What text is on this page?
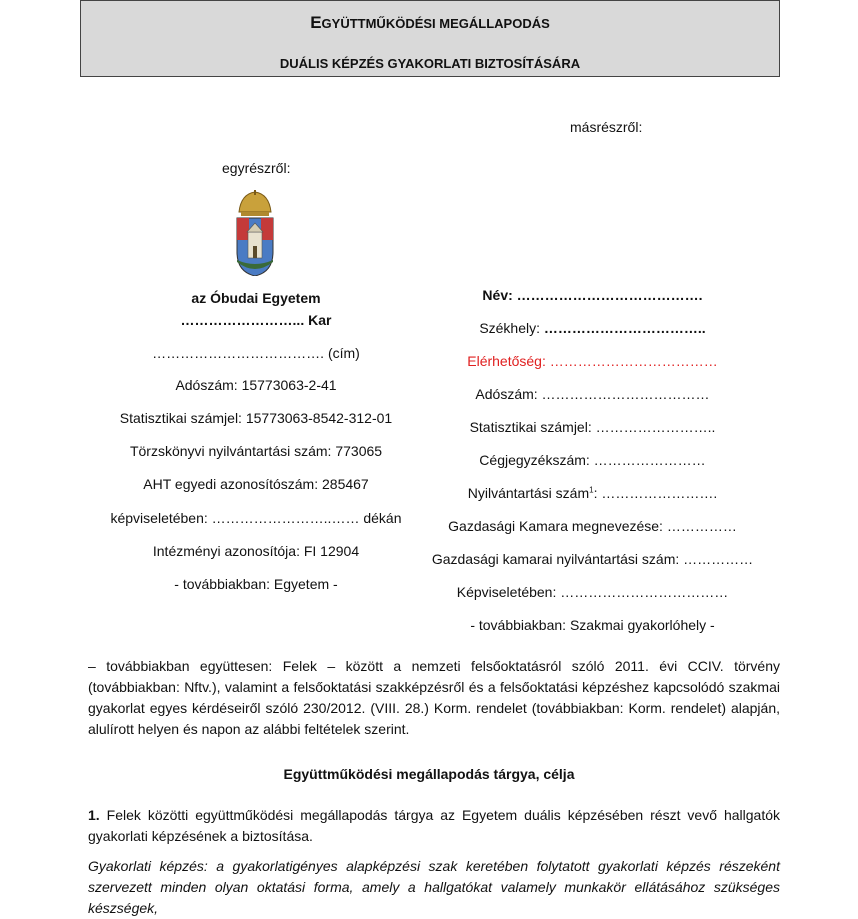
EGYÜTTMŰKÖDÉSI MEGÁLLAPODÁS
DUÁLIS KÉPZÉS GYAKORLATI BIZTOSÍTÁSÁRA
másrészről:
egyrészről:
az Óbudai Egyetem
……………………... Kar
………………………………. (cím)
Adószám: 15773063-2-41
Statisztikai számjel: 15773063-8542-312-01
Törzskönyvi nyilvántartási szám: 773065
AHT egyedi azonosítószám: 285467
képviseletében: ……………………..…… dékán
Intézményi azonosítója: FI 12904
- továbbiakban: Egyetem -
Név: ………………………………….
Székhely: ……………………………..
Elérhetőség: ………………………………
Adószám: ………………………………
Statisztikai számjel: ……………………..
Cégjegyzékszám: ……………………
Nyilvántartási szám$^1$: …………………….
Gazdasági Kamara megnevezése: ……………
Gazdasági kamarai nyilvántartási szám: ……………
Képviseletében: ………………………………
- továbbiakban: Szakmai gyakorlóhely -
– továbbiakban együttesen: Felek – között a nemzeti felsőoktatásról szóló 2011. évi CCIV. törvény (továbbiakban: Nftv.), valamint a felsőoktatási szakképzésről és a felsőoktatási képzéshez kapcsolódó szakmai gyakorlat egyes kérdéseiről szóló 230/2012. (VIII. 28.) Korm. rendelet (továbbiakban: Korm. rendelet) alapján, alulírott helyen és napon az alábbi feltételek szerint.
Együttműködési megállapodás tárgya, célja
1. Felek közötti együttműködési megállapodás tárgya az Egyetem duális képzésében részt vevő hallgatók gyakorlati képzésének a biztosítása.
Gyakorlati képzés: a gyakorlatigényes alapképzési szak keretében folytatott gyakorlati képzés részeként szervezett minden olyan oktatási forma, amely a hallgatókat valamely munkakör ellátásához szükséges készségek,
